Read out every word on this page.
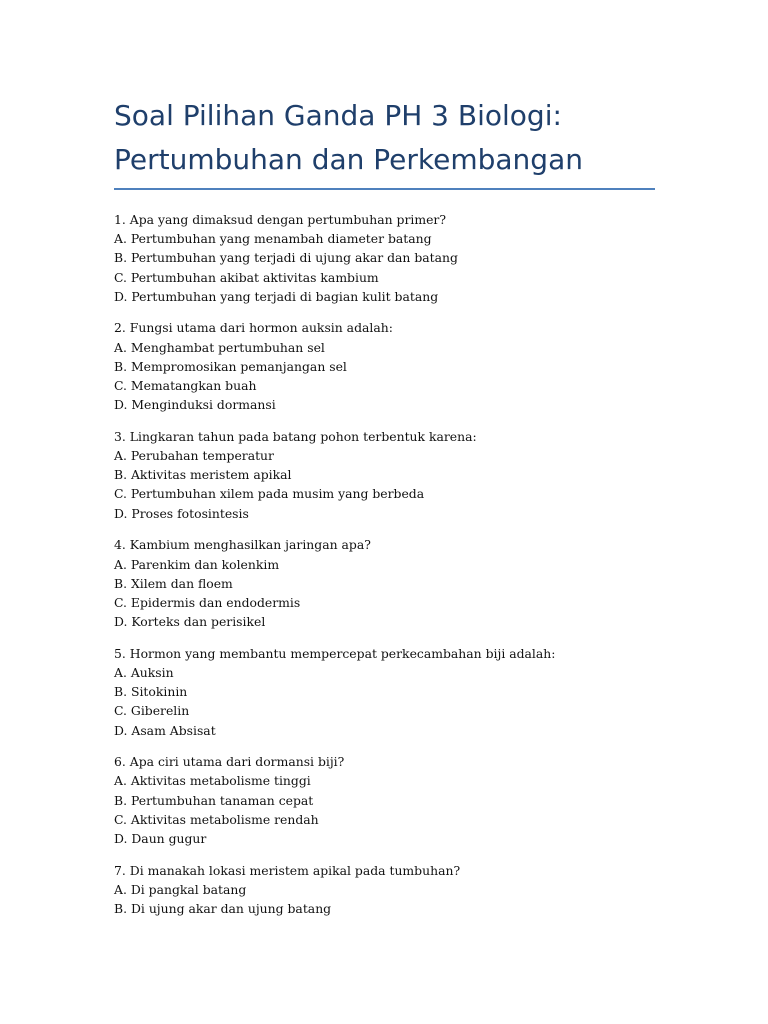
Soal Pilihan Ganda PH 3 Biologi:
Pertumbuhan dan Perkembangan
1. Apa yang dimaksud dengan pertumbuhan primer?
A. Pertumbuhan yang menambah diameter batang
B. Pertumbuhan yang terjadi di ujung akar dan batang
C. Pertumbuhan akibat aktivitas kambium
D. Pertumbuhan yang terjadi di bagian kulit batang
2. Fungsi utama dari hormon auksin adalah:
A. Menghambat pertumbuhan sel
B. Mempromosikan pemanjangan sel
C. Mematangkan buah
D. Menginduksi dormansi
3. Lingkaran tahun pada batang pohon terbentuk karena:
A. Perubahan temperatur
B. Aktivitas meristem apikal
C. Pertumbuhan xilem pada musim yang berbeda
D. Proses fotosintesis
4. Kambium menghasilkan jaringan apa?
A. Parenkim dan kolenkim
B. Xilem dan floem
C. Epidermis dan endodermis
D. Korteks dan perisikel
5. Hormon yang membantu mempercepat perkecambahan biji adalah:
A. Auksin
B. Sitokinin
C. Giberelin
D. Asam Absisat
6. Apa ciri utama dari dormansi biji?
A. Aktivitas metabolisme tinggi
B. Pertumbuhan tanaman cepat
C. Aktivitas metabolisme rendah
D. Daun gugur
7. Di manakah lokasi meristem apikal pada tumbuhan?
A. Di pangkal batang
B. Di ujung akar dan ujung batang
